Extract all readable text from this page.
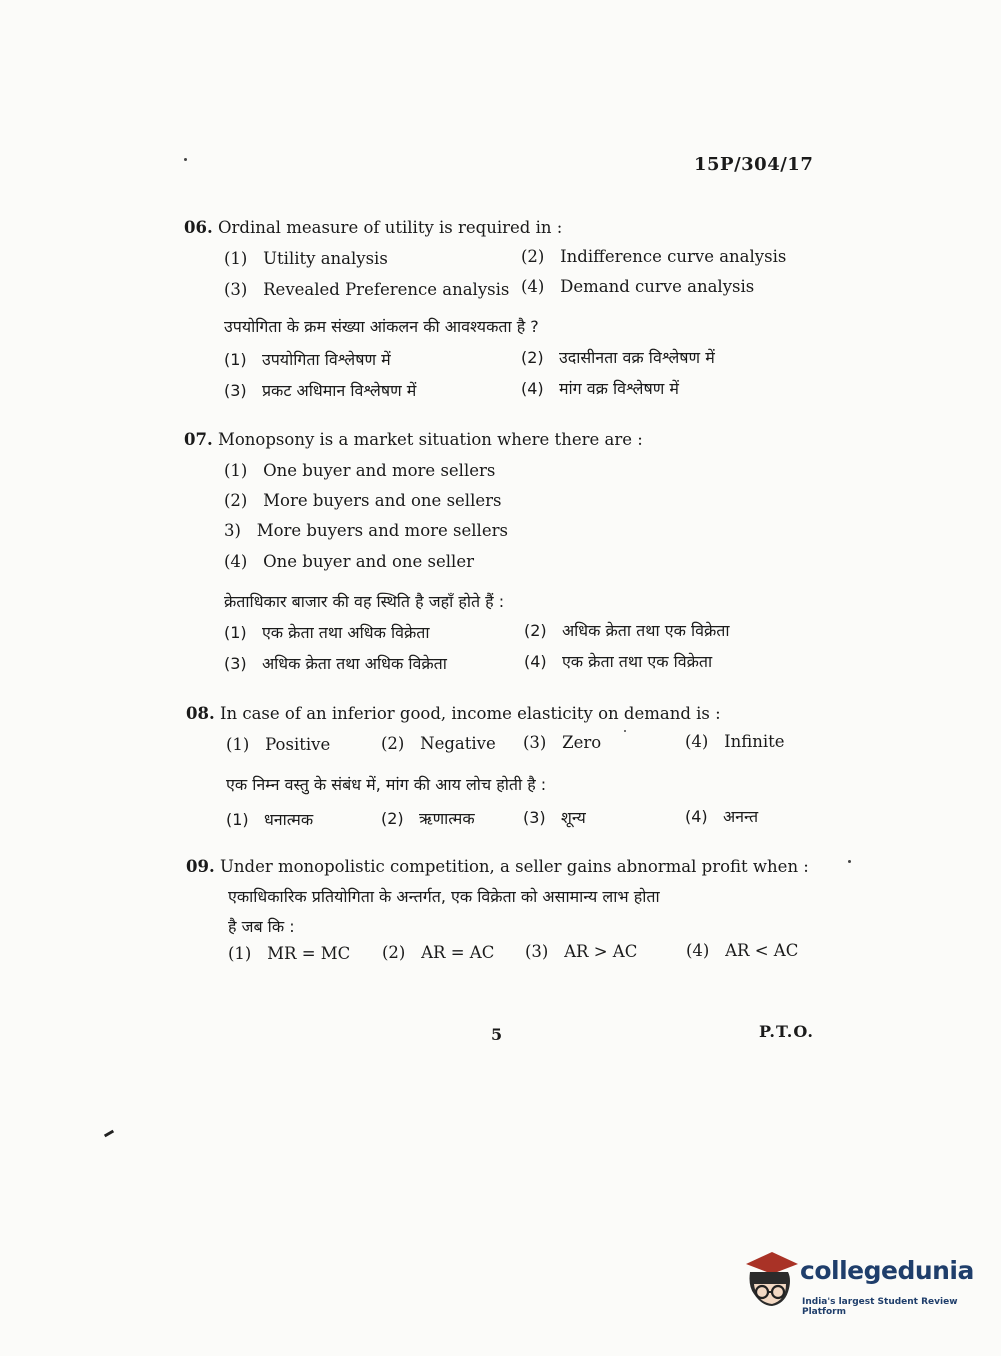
15P/304/17
06. Ordinal measure of utility is required in :
(1) Utility analysis	(2) Indifference curve analysis
(3) Revealed Preference analysis (4) Demand curve analysis
उपयोगिता के क्रम संख्या आंकलन की आवश्यकता है ?
(1) उपयोगिता विश्लेषण में	(2) उदासीनता वक्र विश्लेषण में
(3) प्रकट अधिमान विश्लेषण में	(4) मांग वक्र विश्लेषण में
07. Monopsony is a market situation where there are :
(1) One buyer and more sellers
(2) More buyers and one sellers
3) More buyers and more sellers
(4) One buyer and one seller
क्रेताधिकार बाजार की वह स्थिति है जहाँ होते हैं :
(1) एक क्रेता तथा अधिक विक्रेता	(2) अधिक क्रेता तथा एक विक्रेता
(3) अधिक क्रेता तथा अधिक विक्रेता	(4) एक क्रेता तथा एक विक्रेता
08. In case of an inferior good, income elasticity on demand is :
(1) Positive	(2) Negative (3) Zero	(4) Infinite
एक निम्न वस्तु के संबंध में, मांग की आय लोच होती है :
(1) धनात्मक	(2) ऋणात्मक	(3) शून्य	(4) अनन्त
09. Under monopolistic competition, a seller gains abnormal profit when :
एकाधिकारिक प्रतियोगिता के अन्तर्गत, एक विक्रेता को असामान्य लाभ होता
है जब कि :
(1) MR = MC (2) AR = AC (3) AR > AC	(4) AR < AC
5	P.T.O.
collegedunia
India's largest Student Review Platform
